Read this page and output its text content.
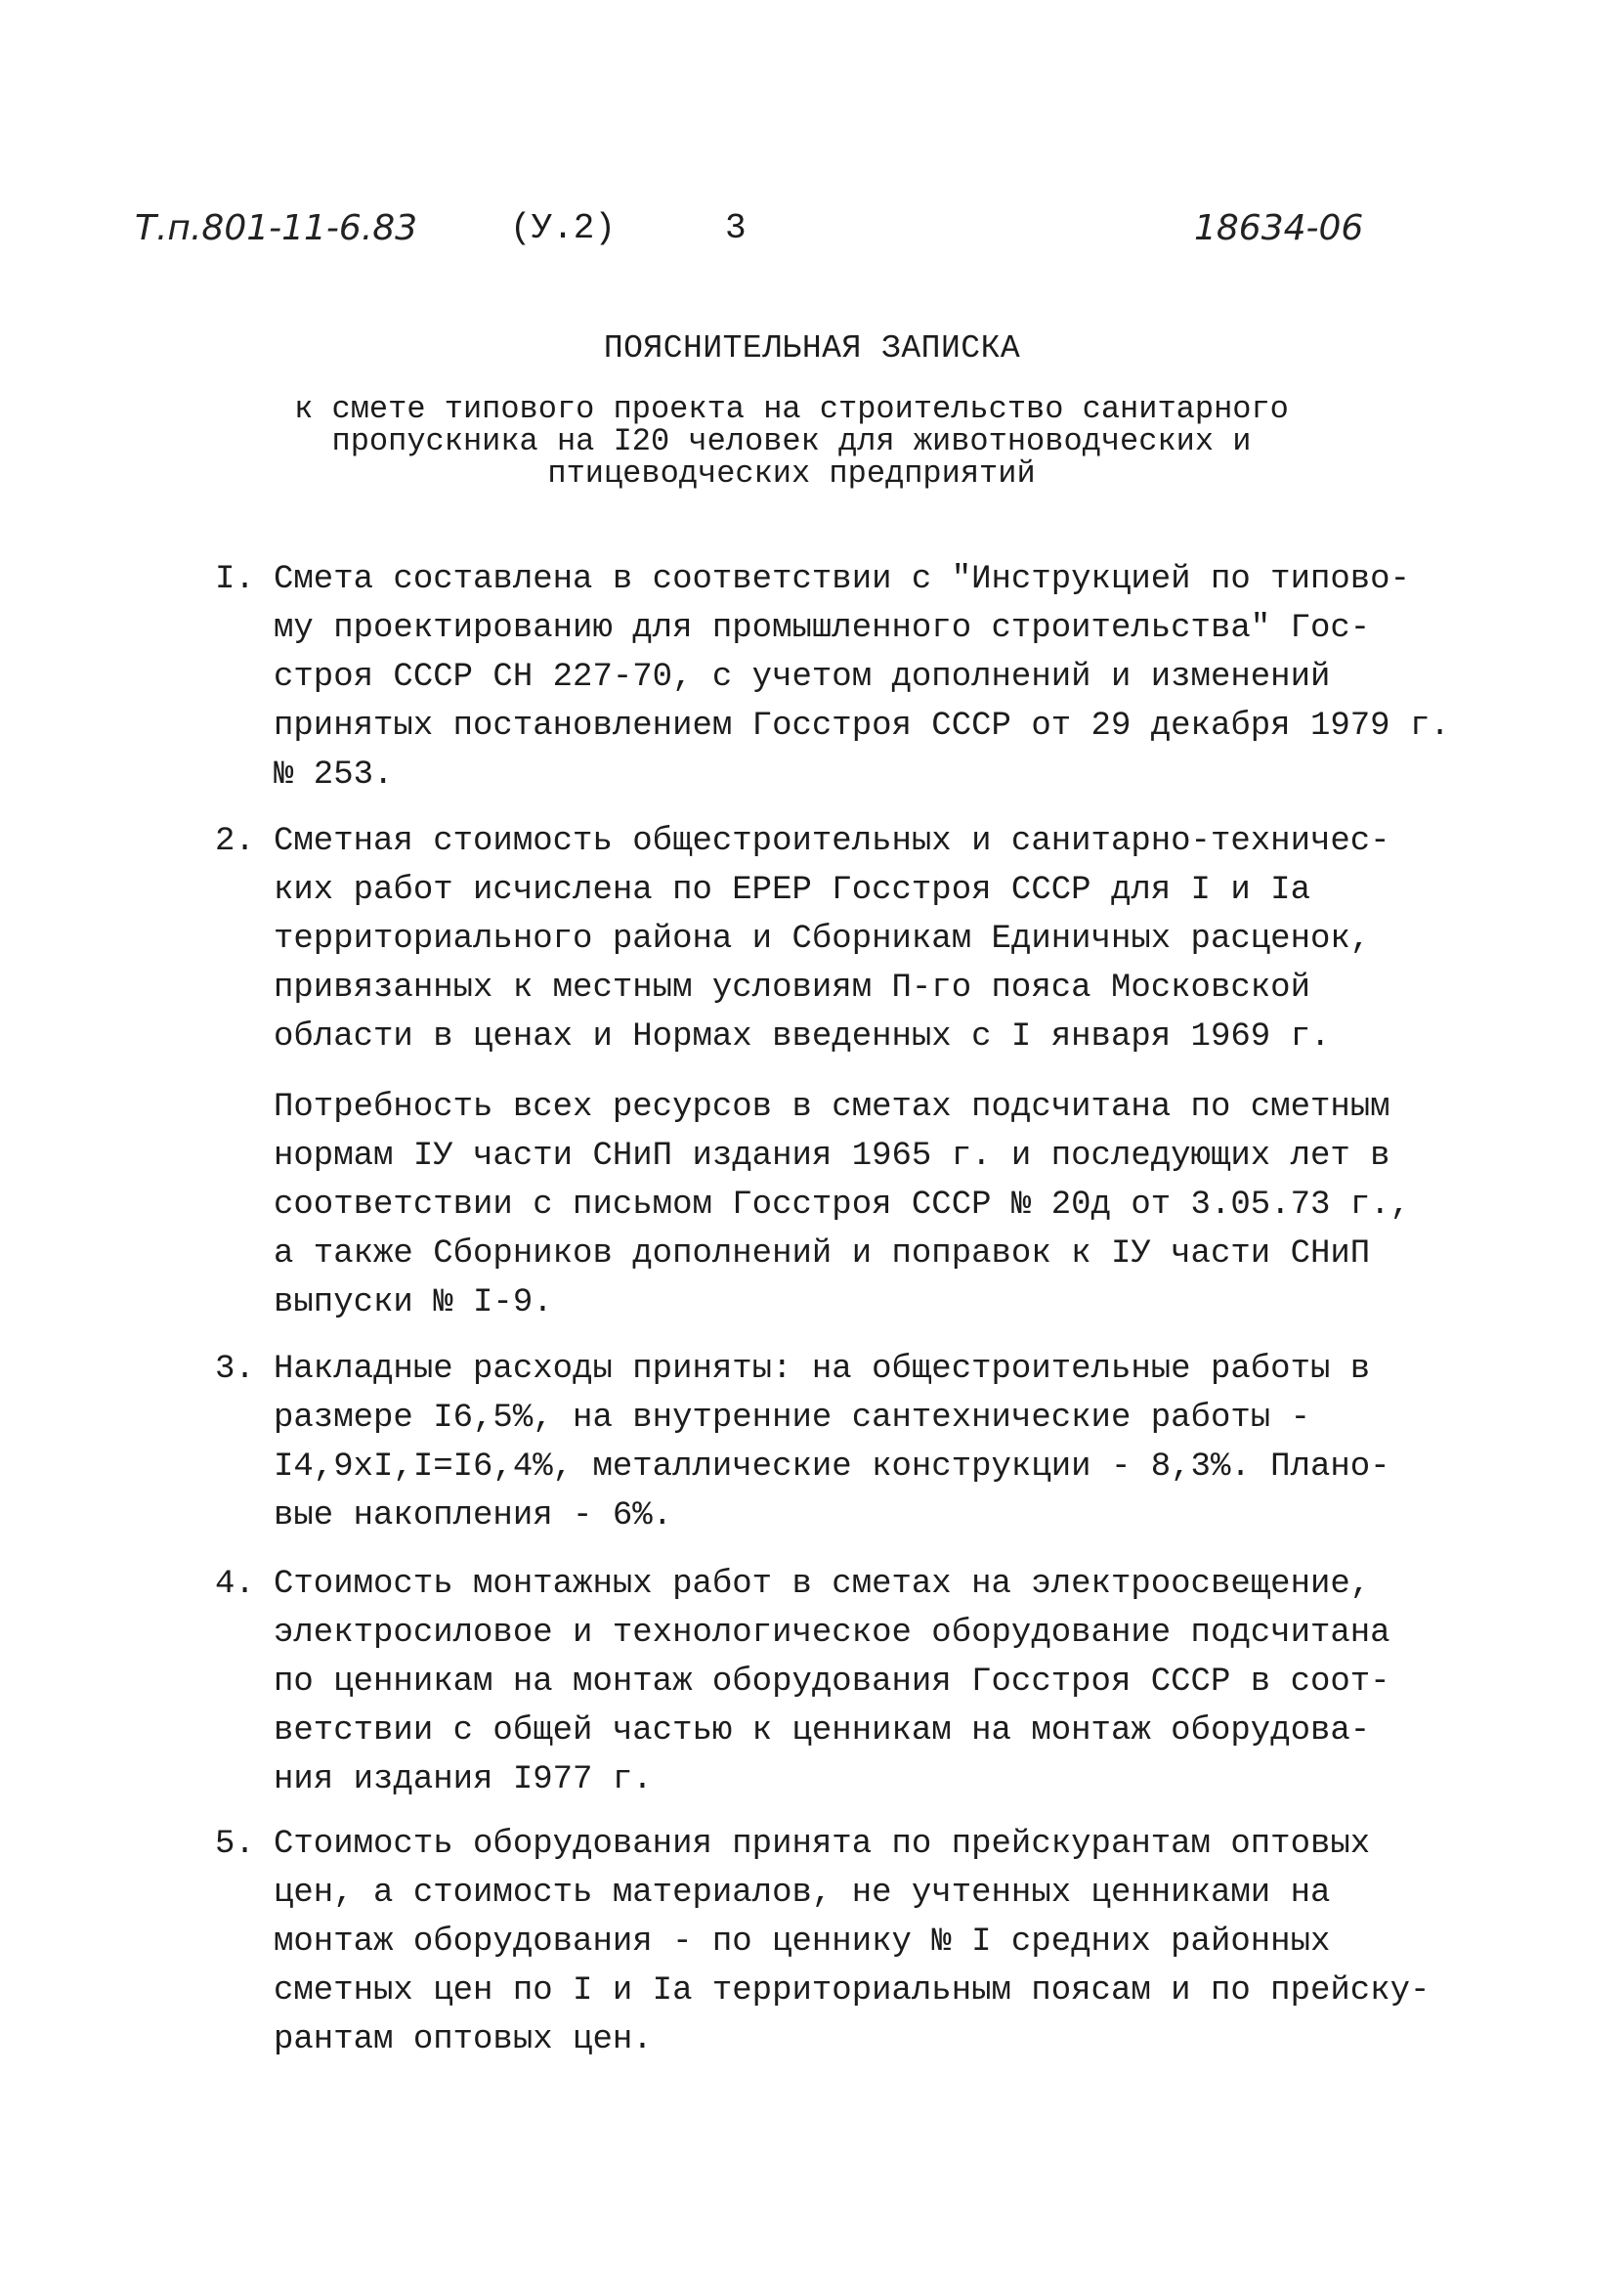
Т.п.801-11-6.83	(У.2)	3	18634-06
ПОЯСНИТЕЛЬНАЯ ЗАПИСКА
к смете типового проекта на строительство санитарного
пропускника на I20 человек для животноводческих и
птицеводческих предприятий
I. Смета составлена в соответствии с "Инструкцией по типово-
му проектированию для промышленного строительства" Гос-
строя СССР СН 227-70, с учетом дополнений и изменений
принятых постановлением Госстроя СССР от 29 декабря 1979 г.
№ 253.
2. Сметная стоимость общестроительных и санитарно-техничес-
ких работ исчислена по ЕРЕР Госстроя СССР для I и Iа
территориального района и Сборникам Единичных расценок,
привязанных к местным условиям П-го пояса Московской
области в ценах и Нормах введенных с I января 1969 г.
Потребность всех ресурсов в сметах подсчитана по сметным
нормам IУ части СНиП издания 1965 г. и последующих лет в
соответствии с письмом Госстроя СССР № 20д от 3.05.73 г.,
а также Сборников дополнений и поправок к IУ части СНиП
выпуски № I-9.
3. Накладные расходы приняты: на общестроительные работы в
размере I6,5%, на внутренние сантехнические работы -
I4,9хI,I=I6,4%, металлические конструкции - 8,3%. Плано-
вые накопления - 6%.
4. Стоимость монтажных работ в сметах на электроосвещение,
электросиловое и технологическое оборудование подсчитана
по ценникам на монтаж оборудования Госстроя СССР в соот-
ветствии с общей частью к ценникам на монтаж оборудова-
ния издания I977 г.
5. Стоимость оборудования принята по прейскурантам оптовых
цен, а стоимость материалов, не учтенных ценниками на
монтаж оборудования - по ценнику № I средних районных
сметных цен по I и Iа территориальным поясам и по прейску-
рантам оптовых цен.
